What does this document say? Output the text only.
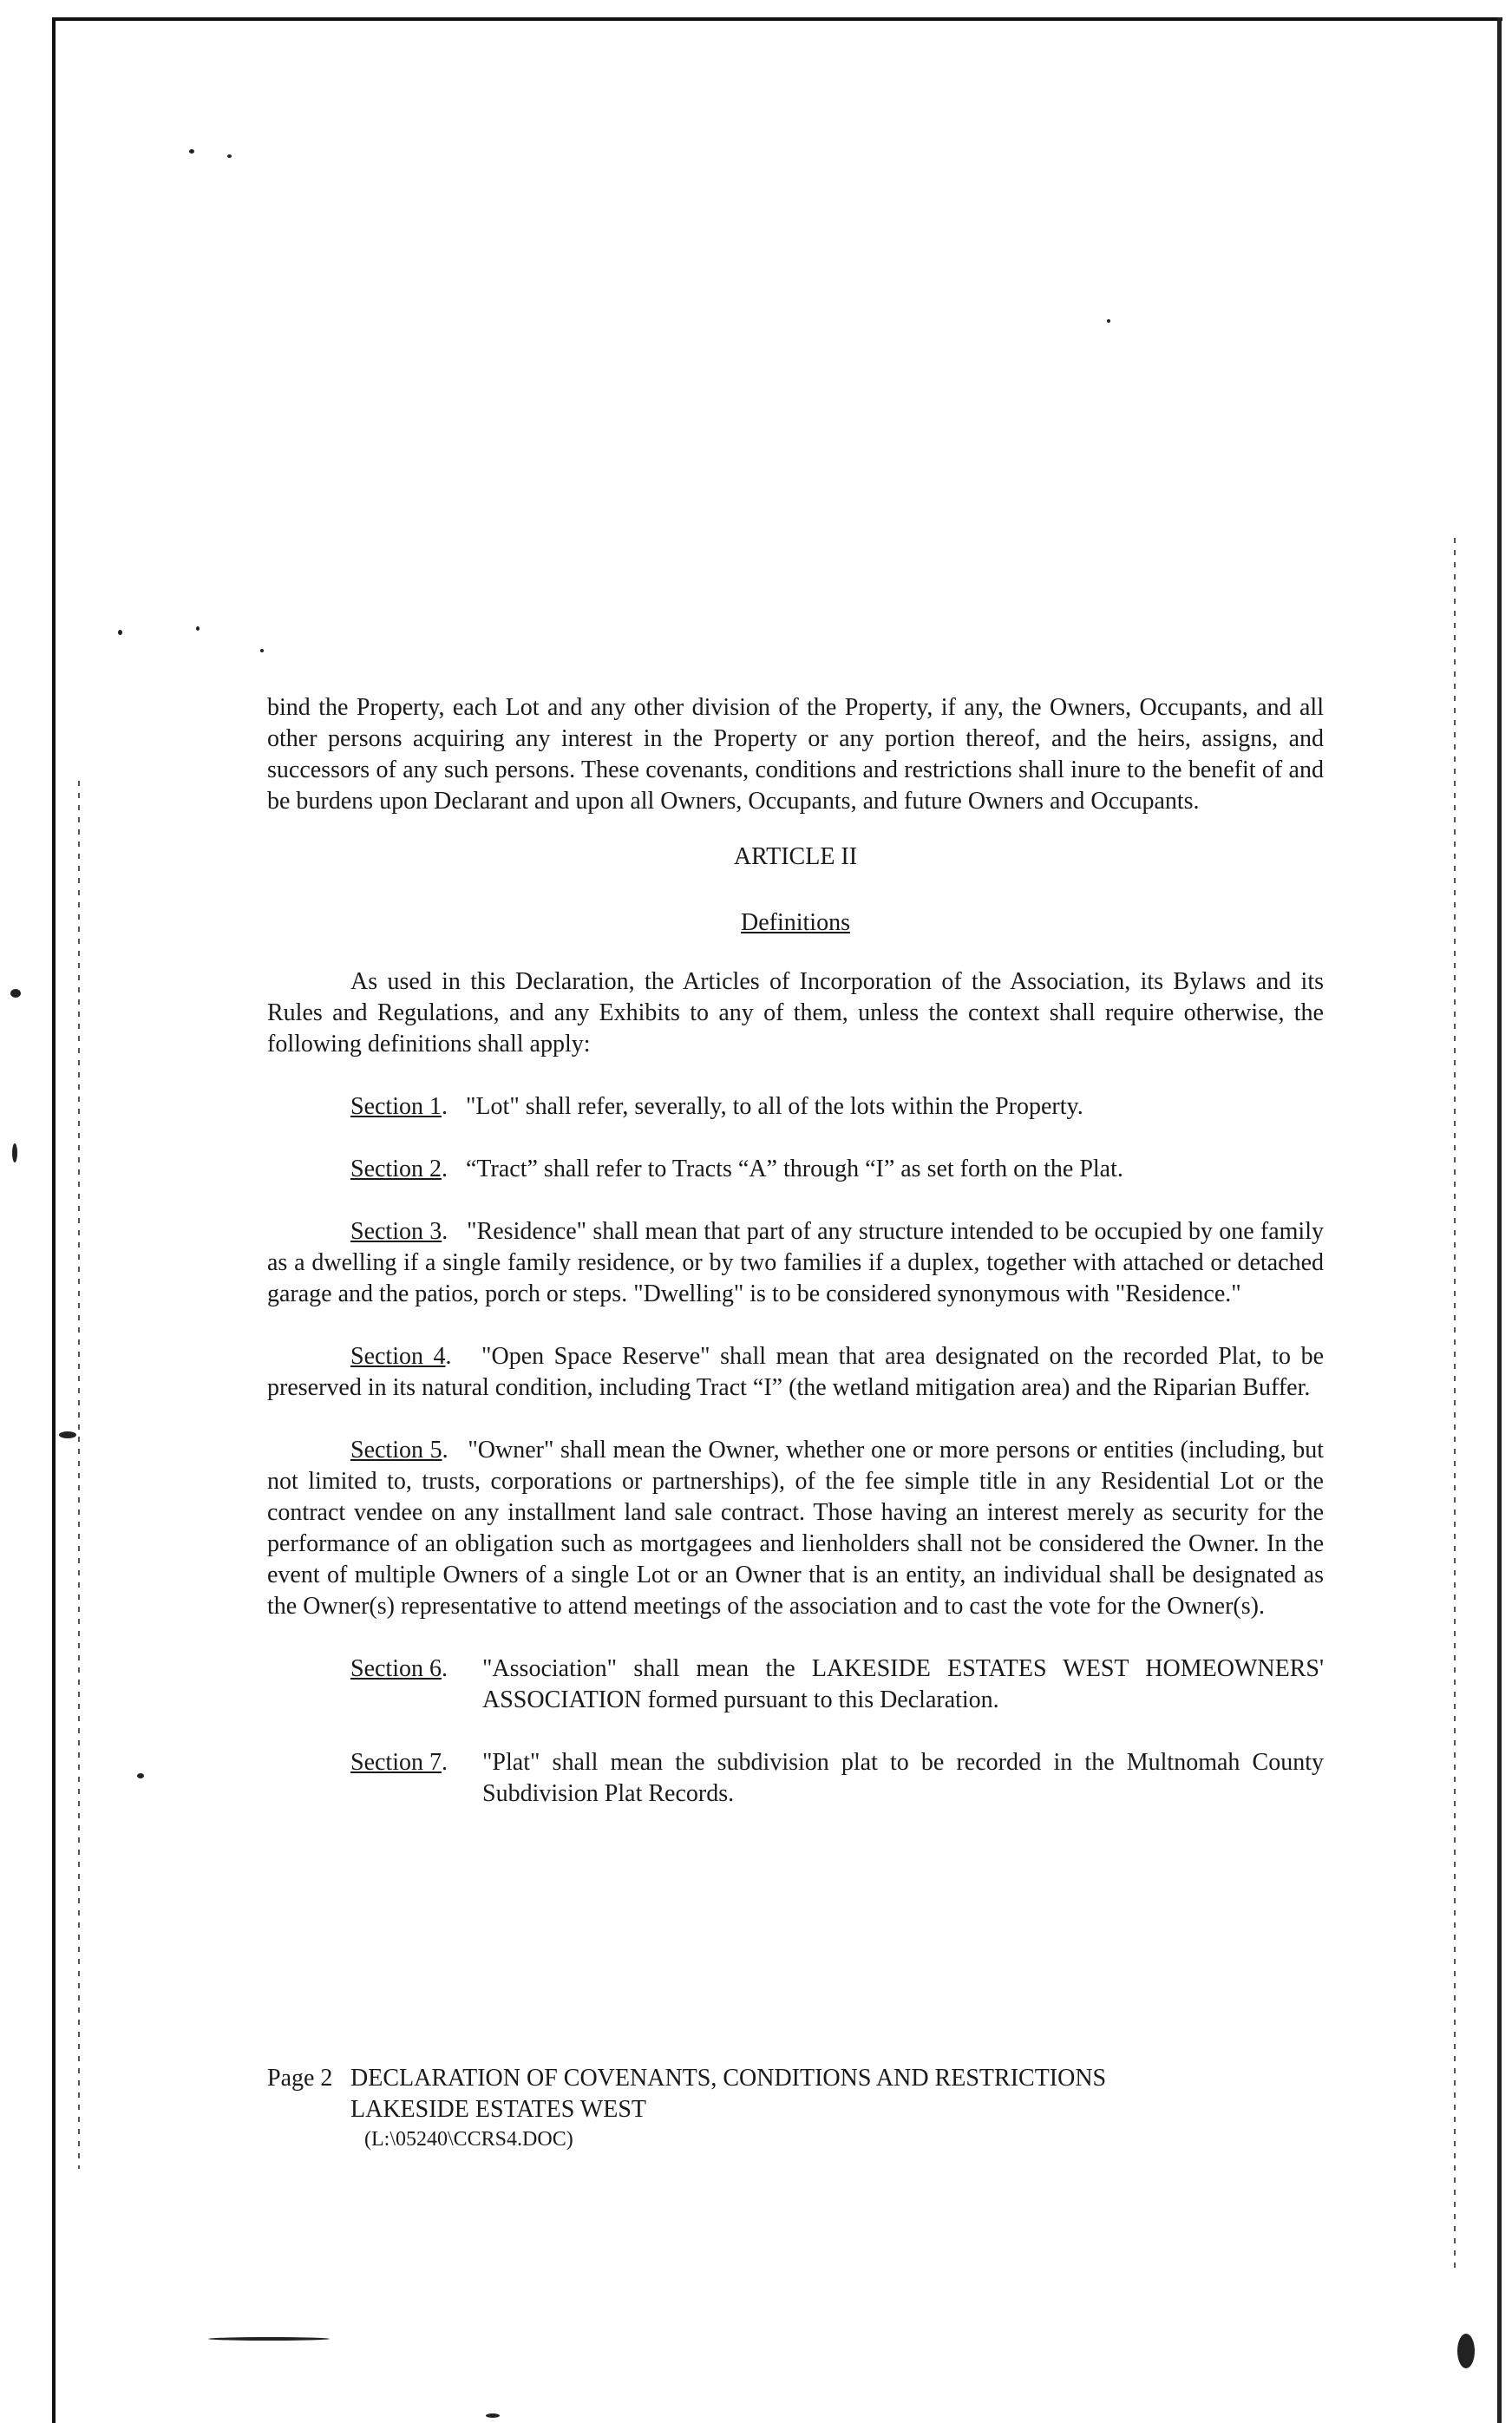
bind the Property, each Lot and any other division of the Property, if any, the Owners, Occupants, and all other persons acquiring any interest in the Property or any portion thereof, and the heirs, assigns, and successors of any such persons. These covenants, conditions and restrictions shall inure to the benefit of and be burdens upon Declarant and upon all Owners, Occupants, and future Owners and Occupants.

ARTICLE II

Definitions

As used in this Declaration, the Articles of Incorporation of the Association, its Bylaws and its Rules and Regulations, and any Exhibits to any of them, unless the context shall require otherwise, the following definitions shall apply:

Section 1.   "Lot" shall refer, severally, to all of the lots within the Property.

Section 2.   “Tract” shall refer to Tracts “A” through “I” as set forth on the Plat.

Section 3.   "Residence" shall mean that part of any structure intended to be occupied by one family as a dwelling if a single family residence, or by two families if a duplex, together with attached or detached garage and the patios, porch or steps. "Dwelling" is to be considered synonymous with "Residence."

Section 4.   "Open Space Reserve" shall mean that area designated on the recorded Plat, to be preserved in its natural condition, including Tract “I” (the wetland mitigation area) and the Riparian Buffer.

Section 5.   "Owner" shall mean the Owner, whether one or more persons or entities (including, but not limited to, trusts, corporations or partnerships), of the fee simple title in any Residential Lot or the contract vendee on any installment land sale contract. Those having an interest merely as security for the performance of an obligation such as mortgagees and lienholders shall not be considered the Owner. In the event of multiple Owners of a single Lot or an Owner that is an entity, an individual shall be designated as the Owner(s) representative to attend meetings of the association and to cast the vote for the Owner(s).

Section 6.	"Association" shall mean the LAKESIDE ESTATES WEST HOMEOWNERS' ASSOCIATION formed pursuant to this Declaration.
Section 7.	"Plat" shall mean the subdivision plat to be recorded in the Multnomah County Subdivision Plat Records.
Page 2 DECLARATION OF COVENANTS, CONDITIONS AND RESTRICTIONS
LAKESIDE ESTATES WEST
(L:\05240\CCRS4.DOC)
